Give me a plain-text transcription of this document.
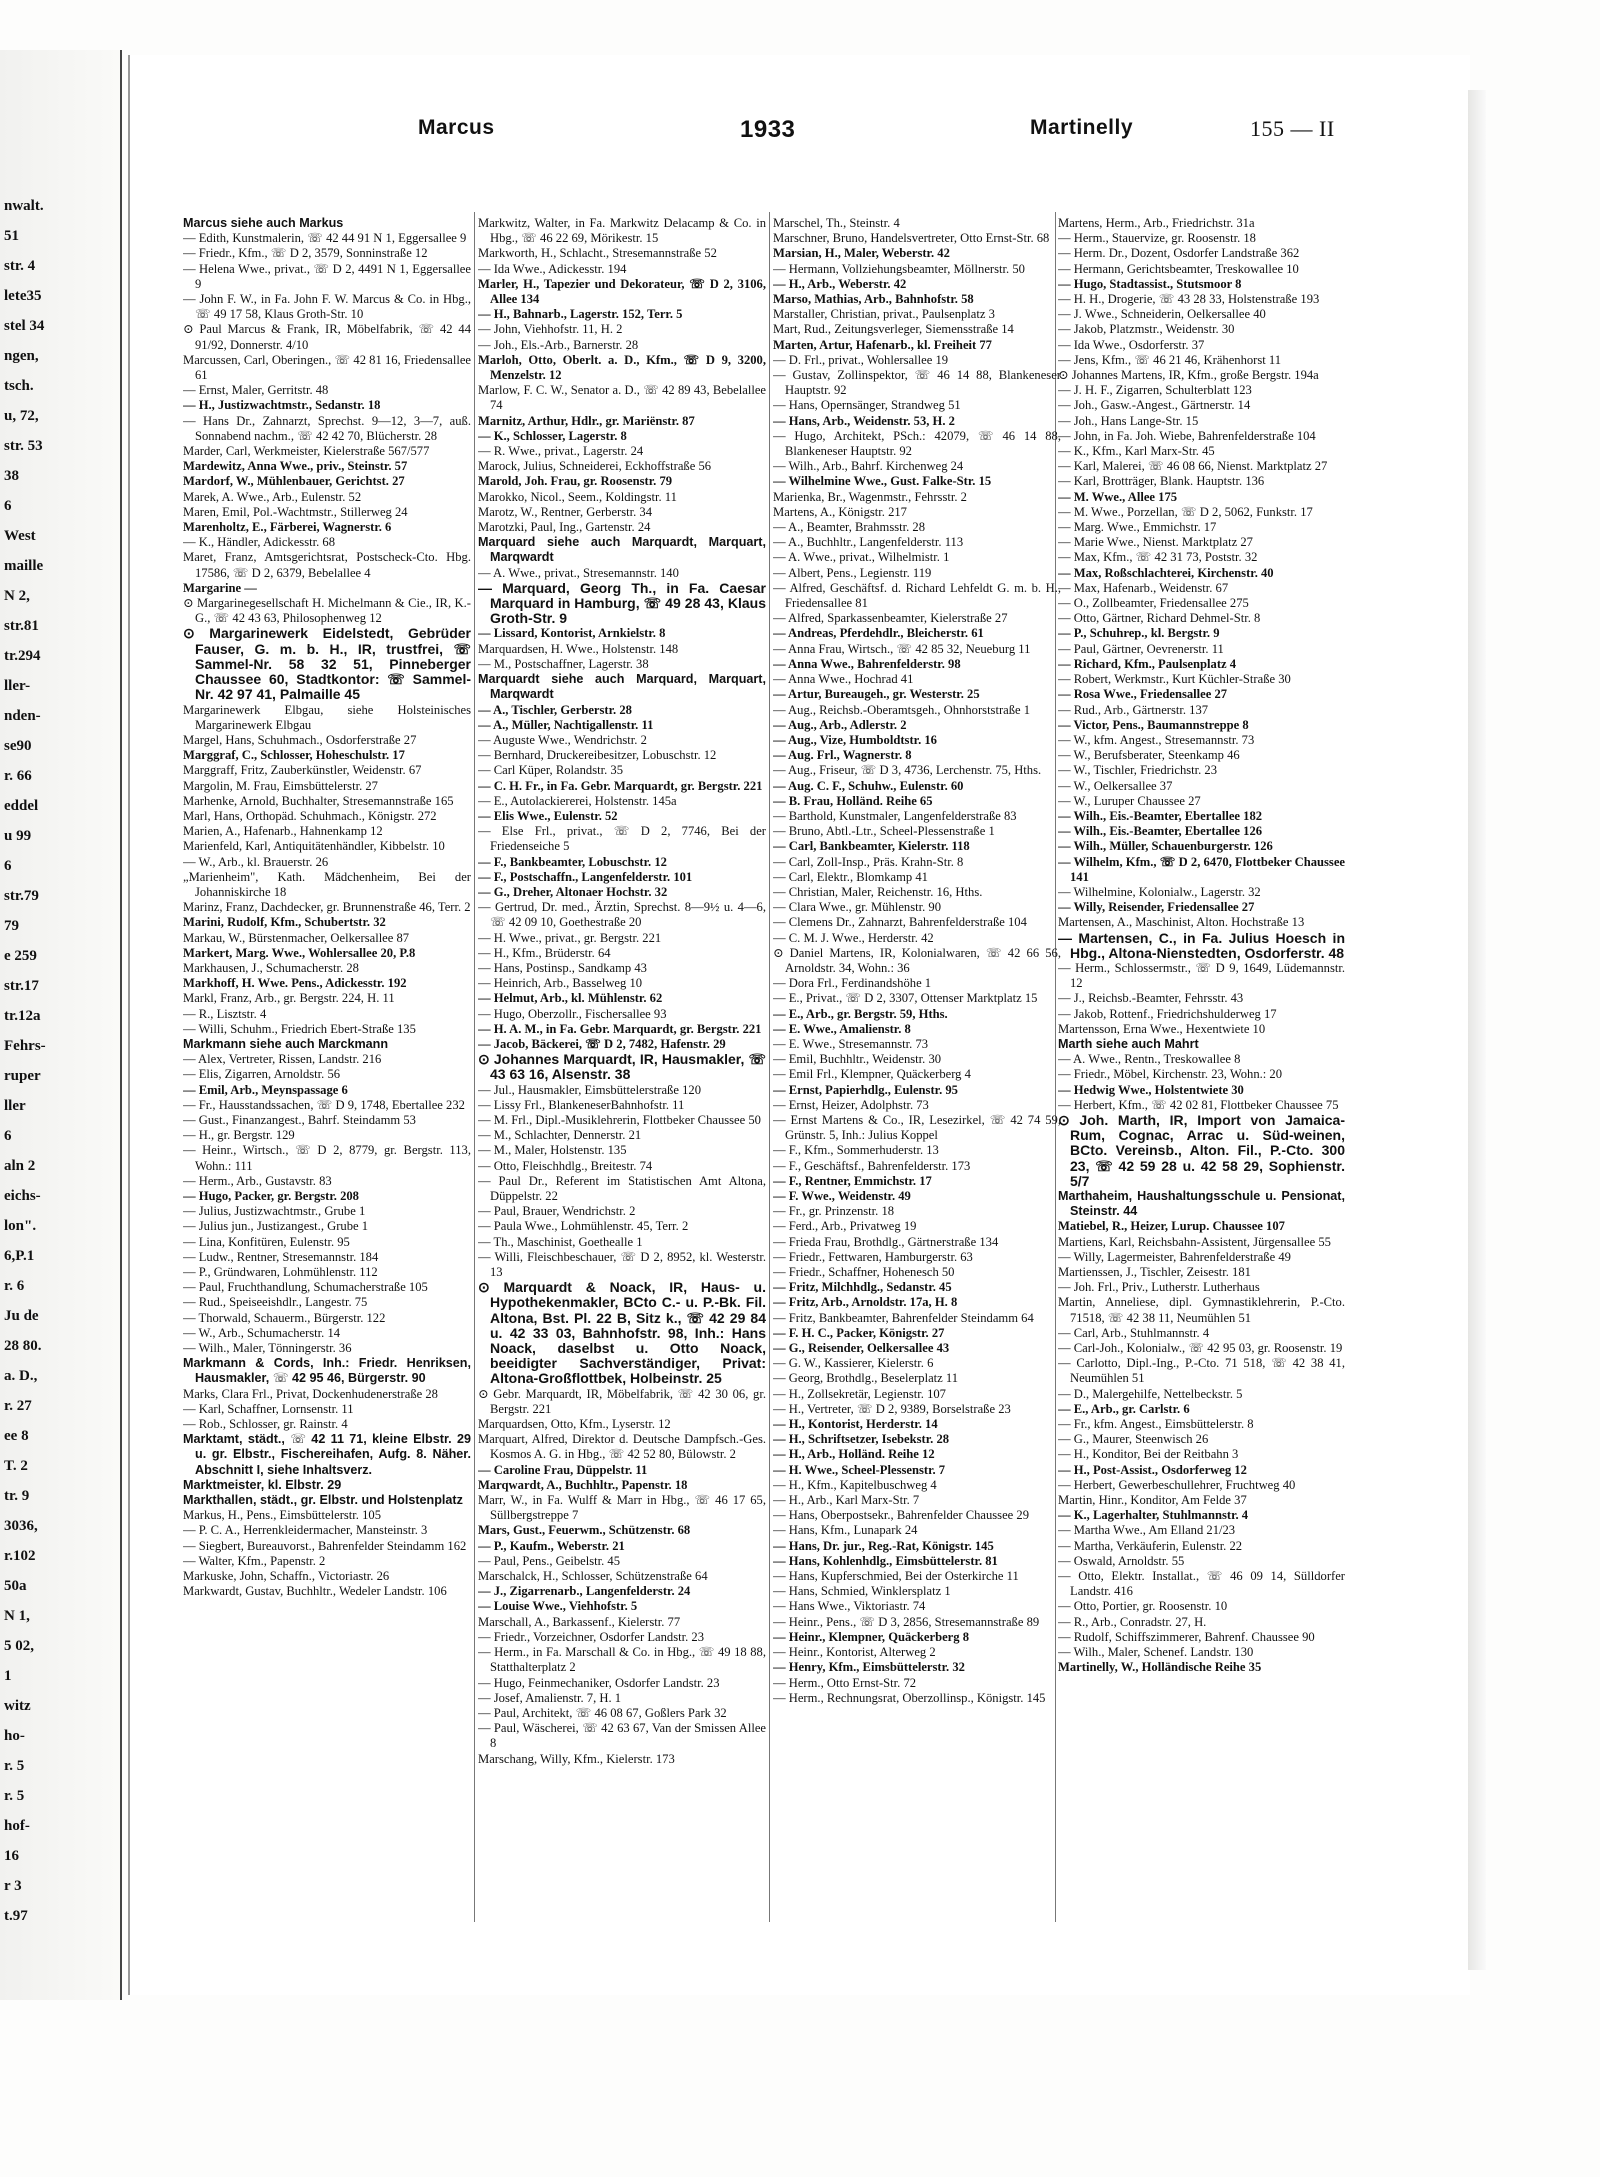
nwalt.
51
str. 4
lete35
stel 34
ngen,
tsch.
u, 72,
str. 53
38
6
West
maille
N 2,
str.81
tr.294
ller-
nden-
se90
r. 66
eddel
u 99
6
str.79
79
e 259
str.17
tr.12a
Fehrs-
ruper
ller
6
aln 2
eichs-
lon".
6,P.1
r. 6
Ju de
28 80.
a. D.,
r. 27
ee 8
T. 2
tr. 9
3036,
r.102
50a
N 1,
5 02,
1
witz
ho-
r. 5
r. 5
hof-
16
r 3
t.97
Marcus	1933	Martinelly	155 — II

Marcus siehe auch Markus

— Edith, Kunstmalerin, ☏ 42 44 91 N 1, Eggersallee 9

— Friedr., Kfm., ☏ D 2, 3579, Sonninstraße 12

— Helena Wwe., privat., ☏ D 2, 4491 N 1, Eggersallee 9

— John F. W., in Fa. John F. W. Marcus & Co. in Hbg., ☏ 49 17 58, Klaus Groth-Str. 10

⊙ Paul Marcus & Frank, IR, Möbelfabrik, ☏ 42 44 91/92, Donnerstr. 4/10

Marcussen, Carl, Oberingen., ☏ 42 81 16, Friedensallee 61

— Ernst, Maler, Gerritstr. 48

— H., Justizwachtmstr., Sedanstr. 18

— Hans Dr., Zahnarzt, Sprechst. 9—12, 3—7, auß. Sonnabend nachm., ☏ 42 42 70, Blücherstr. 28

Marder, Carl, Werkmeister, Kielerstraße 567/577

Mardewitz, Anna Wwe., priv., Steinstr. 57

Mardorf, W., Mühlenbauer, Gerichtst. 27

Marek, A. Wwe., Arb., Eulenstr. 52

Maren, Emil, Pol.-Wachtmstr., Stillerweg 24

Marenholtz, E., Färberei, Wagnerstr. 6

— K., Händler, Adickesstr. 68

Maret, Franz, Amtsgerichtsrat, Postscheck-Cto. Hbg. 17586, ☏ D 2, 6379, Bebelallee 4

Margarine —

⊙ Margarinegesellschaft H. Michelmann & Cie., IR, K.-G., ☏ 42 43 63, Philosophenweg 12

⊙ Margarinewerk Eidelstedt, Gebrüder Fauser, G. m. b. H., IR, trustfrei, ☏ Sammel-Nr. 58 32 51, Pinneberger Chaussee 60, Stadtkontor: ☏ Sammel-Nr. 42 97 41, Palmaille 45

Margarinewerk Elbgau, siehe Holsteinisches Margarinewerk Elbgau

Margel, Hans, Schuhmach., Osdorferstraße 27

Marggraf, C., Schlosser, Hoheschulstr. 17

Marggraff, Fritz, Zauberkünstler, Weidenstr. 67

Margolin, M. Frau, Eimsbüttelerstr. 27

Marhenke, Arnold, Buchhalter, Stresemannstraße 165

Marl, Hans, Orthopäd. Schuhmach., Königstr. 272

Marien, A., Hafenarb., Hahnenkamp 12

Marienfeld, Karl, Antiquitätenhändler, Kibbelstr. 10

— W., Arb., kl. Brauerstr. 26

„Marienheim", Kath. Mädchenheim, Bei der Johanniskirche 18

Marinz, Franz, Dachdecker, gr. Brunnenstraße 46, Terr. 2

Marini, Rudolf, Kfm., Schubertstr. 32

Markau, W., Bürstenmacher, Oelkersallee 87

Markert, Marg. Wwe., Wohlersallee 20, P.8

Markhausen, J., Schumacherstr. 28

Markhoff, H. Wwe. Pens., Adickesstr. 192

Markl, Franz, Arb., gr. Bergstr. 224, H. 11

— R., Lisztstr. 4

— Willi, Schuhm., Friedrich Ebert-Straße 135

Markmann siehe auch Marckmann

— Alex, Vertreter, Rissen, Landstr. 216

— Elis, Zigarren, Arnoldstr. 56

— Emil, Arb., Meynspassage 6

— Fr., Hausstandssachen, ☏ D 9, 1748, Ebertallee 232

— Gust., Finanzangest., Bahrf. Steindamm 53

— H., gr. Bergstr. 129

— Heinr., Wirtsch., ☏ D 2, 8779, gr. Bergstr. 113, Wohn.: 111

— Herm., Arb., Gustavstr. 83

— Hugo, Packer, gr. Bergstr. 208

— Julius, Justizwachtmstr., Grube 1

— Julius jun., Justizangest., Grube 1

— Lina, Konfitüren, Eulenstr. 95

— Ludw., Rentner, Stresemannstr. 184

— P., Gründwaren, Lohmühlenstr. 112

— Paul, Fruchthandlung, Schumacherstraße 105

— Rud., Speiseeishdlr., Langestr. 75

— Thorwald, Schauerm., Bürgerstr. 122

— W., Arb., Schumacherstr. 14

— Wilh., Maler, Tönningerstr. 36

Markmann & Cords, Inh.: Friedr. Henriksen, Hausmakler, ☏ 42 95 46, Bürgerstr. 90

Marks, Clara Frl., Privat, Dockenhudenerstraße 28

— Karl, Schaffner, Lornsenstr. 11

— Rob., Schlosser, gr. Rainstr. 4

Marktamt, städt., ☏ 42 11 71, kleine Elbstr. 29 u. gr. Elbstr., Fischereihafen, Aufg. 8. Näher. Abschnitt I, siehe Inhaltsverz.

Marktmeister, kl. Elbstr. 29

Markthallen, städt., gr. Elbstr. und Holstenplatz

Markus, H., Pens., Eimsbüttelerstr. 105

— P. C. A., Herrenkleidermacher, Mansteinstr. 3

— Siegbert, Bureauvorst., Bahrenfelder Steindamm 162

— Walter, Kfm., Papenstr. 2

Markuske, John, Schaffn., Victoriastr. 26

Markwardt, Gustav, Buchhltr., Wedeler Landstr. 106

Markwitz, Walter, in Fa. Markwitz Delacamp & Co. in Hbg., ☏ 46 22 69, Mörikestr. 15

Markworth, H., Schlacht., Stresemannstraße 52

— Ida Wwe., Adickesstr. 194

Marler, H., Tapezier und Dekorateur, ☏ D 2, 3106, Allee 134

— H., Bahnarb., Lagerstr. 152, Terr. 5

— John, Viehhofstr. 11, H. 2

— Joh., Els.-Arb., Barnerstr. 28

Marloh, Otto, Oberlt. a. D., Kfm., ☏ D 9, 3200, Menzelstr. 12

Marlow, F. C. W., Senator a. D., ☏ 42 89 43, Bebelallee 74

Marnitz, Arthur, Hdlr., gr. Mariënstr. 87

— K., Schlosser, Lagerstr. 8

— R. Wwe., privat., Lagerstr. 24

Marock, Julius, Schneiderei, Eckhoffstraße 56

Marold, Joh. Frau, gr. Roosenstr. 79

Marokko, Nicol., Seem., Koldingstr. 11

Marotz, W., Rentner, Gerberstr. 34

Marotzki, Paul, Ing., Gartenstr. 24

Marquard siehe auch Marquardt, Marquart, Marqwardt

— A. Wwe., privat., Stresemannstr. 140

— Marquard, Georg Th., in Fa. Caesar Marquard in Hamburg, ☏ 49 28 43, Klaus Groth-Str. 9

— Lissard, Kontorist, Arnkielstr. 8

Marquardsen, H. Wwe., Holstenstr. 148

— M., Postschaffner, Lagerstr. 38

Marquardt siehe auch Marquard, Marquart, Marqwardt

— A., Tischler, Gerberstr. 28

— A., Müller, Nachtigallenstr. 11

— Auguste Wwe., Wendrichstr. 2

— Bernhard, Druckereibesitzer, Lobuschstr. 12

— Carl Küper, Rolandstr. 35

— C. H. Fr., in Fa. Gebr. Marquardt, gr. Bergstr. 221

— E., Autolackiererei, Holstenstr. 145a

— Elis Wwe., Eulenstr. 52

— Else Frl., privat., ☏ D 2, 7746, Bei der Friedenseiche 5

— F., Bankbeamter, Lobuschstr. 12

— F., Postschaffn., Langenfelderstr. 101

— G., Dreher, Altonaer Hochstr. 32

— Gertrud, Dr. med., Ärztin, Sprechst. 8—9½ u. 4—6, ☏ 42 09 10, Goethestraße 20

— H. Wwe., privat., gr. Bergstr. 221

— H., Kfm., Brüderstr. 64

— Hans, Postinsp., Sandkamp 43

— Heinrich, Arb., Basselweg 10

— Helmut, Arb., kl. Mühlenstr. 62

— Hugo, Oberzollr., Fischersallee 93

— H. A. M., in Fa. Gebr. Marquardt, gr. Bergstr. 221

— Jacob, Bäckerei, ☏ D 2, 7482, Hafenstr. 29

⊙ Johannes Marquardt, IR, Hausmakler, ☏ 43 63 16, Alsenstr. 38

— Jul., Hausmakler, Eimsbüttelerstraße 120

— Lissy Frl., BlankeneserBahnhofstr. 11

— M. Frl., Dipl.-Musiklehrerin, Flottbeker Chaussee 50

— M., Schlachter, Dennerstr. 21

— M., Maler, Holstenstr. 135

— Otto, Fleischhdlg., Breitestr. 74

— Paul Dr., Referent im Statistischen Amt Altona, Düppelstr. 22

— Paul, Brauer, Wendrichstr. 2

— Paula Wwe., Lohmühlenstr. 45, Terr. 2

— Th., Maschinist, Goethealle 1

— Willi, Fleischbeschauer, ☏ D 2, 8952, kl. Westerstr. 13

⊙ Marquardt & Noack, IR, Haus- u. Hypothekenmakler, BCto C.- u. P.-Bk. Fil. Altona, Bst. Pl. 22 B, Sitz k., ☏ 42 29 84 u. 42 33 03, Bahnhofstr. 98, Inh.: Hans Noack, daselbst u. Otto Noack, beeidigter Sachverständiger, Privat: Altona-Großflottbek, Holbeinstr. 25

⊙ Gebr. Marquardt, IR, Möbelfabrik, ☏ 42 30 06, gr. Bergstr. 221

Marquardsen, Otto, Kfm., Lyserstr. 12

Marquart, Alfred, Direktor d. Deutsche Dampfsch.-Ges. Kosmos A. G. in Hbg., ☏ 42 52 80, Bülowstr. 2

— Caroline Frau, Düppelstr. 11

Marqwardt, A., Buchhltr., Papenstr. 18

Marr, W., in Fa. Wulff & Marr in Hbg., ☏ 46 17 65, Süllbergstreppe 7

Mars, Gust., Feuerwm., Schützenstr. 68

— P., Kaufm., Weberstr. 21

— Paul, Pens., Geibelstr. 45

Marschalck, H., Schlosser, Schützenstraße 64

— J., Zigarrenarb., Langenfelderstr. 24

— Louise Wwe., Viehhofstr. 5

Marschall, A., Barkassenf., Kielerstr. 77

— Friedr., Vorzeichner, Osdorfer Landstr. 23

— Herm., in Fa. Marschall & Co. in Hbg., ☏ 49 18 88, Statthalterplatz 2

— Hugo, Feinmechaniker, Osdorfer Landstr. 23

— Josef, Amalienstr. 7, H. 1

— Paul, Architekt, ☏ 46 08 67, Goßlers Park 32

— Paul, Wäscherei, ☏ 42 63 67, Van der Smissen Allee 8

Marschang, Willy, Kfm., Kielerstr. 173

Marschel, Th., Steinstr. 4

Marschner, Bruno, Handelsvertreter, Otto Ernst-Str. 68

Marsian, H., Maler, Weberstr. 42

— Hermann, Vollziehungsbeamter, Möllnerstr. 50

— H., Arb., Weberstr. 42

Marso, Mathias, Arb., Bahnhofstr. 58

Marstaller, Christian, privat., Paulsenplatz 3

Mart, Rud., Zeitungsverleger, Siemensstraße 14

Marten, Artur, Hafenarb., kl. Freiheit 77

— D. Frl., privat., Wohlersallee 19

— Gustav, Zollinspektor, ☏ 46 14 88, Blankeneser Hauptstr. 92

— Hans, Opernsänger, Strandweg 51

— Hans, Arb., Weidenstr. 53, H. 2

— Hugo, Architekt, PSch.: 42079, ☏ 46 14 88, Blankeneser Hauptstr. 92

— Wilh., Arb., Bahrf. Kirchenweg 24

— Wilhelmine Wwe., Gust. Falke-Str. 15

Marienka, Br., Wagenmstr., Fehrsstr. 2

Martens, A., Königstr. 217

— A., Beamter, Brahmsstr. 28

— A., Buchhltr., Langenfelderstr. 113

— A. Wwe., privat., Wilhelmistr. 1

— Albert, Pens., Legienstr. 119

— Alfred, Geschäftsf. d. Richard Lehfeldt G. m. b. H., Friedensallee 81

— Alfred, Sparkassenbeamter, Kielerstraße 27

— Andreas, Pferdehdlr., Bleicherstr. 61

— Anna Frau, Wirtsch., ☏ 42 85 32, Neueburg 11

— Anna Wwe., Bahrenfelderstr. 98

— Anna Wwe., Hochrad 41

— Artur, Bureaugeh., gr. Westerstr. 25

— Aug., Reichsb.-Oberamtsgeh., Ohnhorststraße 1

— Aug., Arb., Adlerstr. 2

— Aug., Vize, Humboldtstr. 16

— Aug. Frl., Wagnerstr. 8

— Aug., Friseur, ☏ D 3, 4736, Lerchenstr. 75, Hths.

— Aug. C. F., Schuhw., Eulenstr. 60

— B. Frau, Holländ. Reihe 65

— Barthold, Kunstmaler, Langenfelderstraße 83

— Bruno, Abtl.-Ltr., Scheel-Plessenstraße 1

— Carl, Bankbeamter, Kielerstr. 118

— Carl, Zoll-Insp., Präs. Krahn-Str. 8

— Carl, Elektr., Blomkamp 41

— Christian, Maler, Reichenstr. 16, Hths.

— Clara Wwe., gr. Mühlenstr. 90

— Clemens Dr., Zahnarzt, Bahrenfelderstraße 104

— C. M. J. Wwe., Herderstr. 42

⊙ Daniel Martens, IR, Kolonialwaren, ☏ 42 66 56, Arnoldstr. 34, Wohn.: 36

— Dora Frl., Ferdinandshöhe 1

— E., Privat., ☏ D 2, 3307, Ottenser Marktplatz 15

— E., Arb., gr. Bergstr. 59, Hths.

— E. Wwe., Amalienstr. 8

— E. Wwe., Stresemannstr. 73

— Emil, Buchhltr., Weidenstr. 30

— Emil Frl., Klempner, Quäckerberg 4

— Ernst, Papierhdlg., Eulenstr. 95

— Ernst, Heizer, Adolphstr. 73

— Ernst Martens & Co., IR, Lesezirkel, ☏ 42 74 59, Grünstr. 5, Inh.: Julius Koppel

— F., Kfm., Sommerhuderstr. 13

— F., Geschäftsf., Bahrenfelderstr. 173

— F., Rentner, Emmichstr. 17

— F. Wwe., Weidenstr. 49

— Fr., gr. Prinzenstr. 18

— Ferd., Arb., Privatweg 19

— Frieda Frau, Brothdlg., Gärtnerstraße 134

— Friedr., Fettwaren, Hamburgerstr. 63

— Friedr., Schaffner, Hohenesch 50

— Fritz, Milchhdlg., Sedanstr. 45

— Fritz, Arb., Arnoldstr. 17a, H. 8

— Fritz, Bankbeamter, Bahrenfelder Steindamm 64

— F. H. C., Packer, Königstr. 27

— G., Reisender, Oelkersallee 43

— G. W., Kassierer, Kielerstr. 6

— Georg, Brothdlg., Beselerplatz 11

— H., Zollsekretär, Legienstr. 107

— H., Vertreter, ☏ D 2, 9389, Borselstraße 23

— H., Kontorist, Herderstr. 14

— H., Schriftsetzer, Isebekstr. 28

— H., Arb., Holländ. Reihe 12

— H. Wwe., Scheel-Plessenstr. 7

— H., Kfm., Kapitelbuschweg 4

— H., Arb., Karl Marx-Str. 7

— Hans, Oberpostsekr., Bahrenfelder Chaussee 29

— Hans, Kfm., Lunapark 24

— Hans, Dr. jur., Reg.-Rat, Königstr. 145

— Hans, Kohlenhdlg., Eimsbüttelerstr. 81

— Hans, Kupferschmied, Bei der Osterkirche 11

— Hans, Schmied, Winklersplatz 1

— Hans Wwe., Viktoriastr. 74

— Heinr., Pens., ☏ D 3, 2856, Stresemannstraße 89

— Heinr., Klempner, Quäckerberg 8

— Heinr., Kontorist, Alterweg 2

— Henry, Kfm., Eimsbüttelerstr. 32

— Herm., Otto Ernst-Str. 72

— Herm., Rechnungsrat, Oberzollinsp., Königstr. 145

Martens, Herm., Arb., Friedrichstr. 31a

— Herm., Stauervize, gr. Roosenstr. 18

— Herm. Dr., Dozent, Osdorfer Landstraße 362

— Hermann, Gerichtsbeamter, Treskowallee 10

— Hugo, Stadtassist., Stutsmoor 8

— H. H., Drogerie, ☏ 43 28 33, Holstenstraße 193

— J. Wwe., Schneiderin, Oelkersallee 40

— Jakob, Platzmstr., Weidenstr. 30

— Ida Wwe., Osdorferstr. 37

— Jens, Kfm., ☏ 46 21 46, Krähenhorst 11

⊙ Johannes Martens, IR, Kfm., große Bergstr. 194a

— J. H. F., Zigarren, Schulterblatt 123

— Joh., Gasw.-Angest., Gärtnerstr. 14

— Joh., Hans Lange-Str. 15

— John, in Fa. Joh. Wiebe, Bahrenfelderstraße 104

— K., Kfm., Karl Marx-Str. 45

— Karl, Malerei, ☏ 46 08 66, Nienst. Marktplatz 27

— Karl, Brotträger, Blank. Hauptstr. 136

— M. Wwe., Allee 175

— M. Wwe., Porzellan, ☏ D 2, 5062, Funkstr. 17

— Marg. Wwe., Emmichstr. 17

— Marie Wwe., Nienst. Marktplatz 27

— Max, Kfm., ☏ 42 31 73, Poststr. 32

— Max, Roßschlachterei, Kirchenstr. 40

— Max, Hafenarb., Weidenstr. 67

— O., Zollbeamter, Friedensallee 275

— Otto, Gärtner, Richard Dehmel-Str. 8

— P., Schuhrep., kl. Bergstr. 9

— Paul, Gärtner, Oevrenerstr. 11

— Richard, Kfm., Paulsenplatz 4

— Robert, Werkmstr., Kurt Küchler-Straße 30

— Rosa Wwe., Friedensallee 27

— Rud., Arb., Gärtnerstr. 137

— Victor, Pens., Baumannstreppe 8

— W., kfm. Angest., Stresemannstr. 73

— W., Berufsberater, Steenkamp 46

— W., Tischler, Friedrichstr. 23

— W., Oelkersallee 37

— W., Luruper Chaussee 27

— Wilh., Eis.-Beamter, Ebertallee 182

— Wilh., Eis.-Beamter, Ebertallee 126

— Wilh., Müller, Schauenburgerstr. 126

— Wilhelm, Kfm., ☏ D 2, 6470, Flottbeker Chaussee 141

— Wilhelmine, Kolonialw., Lagerstr. 32

— Willy, Reisender, Friedensallee 27

Martensen, A., Maschinist, Alton. Hochstraße 13

— Martensen, C., in Fa. Julius Hoesch in Hbg., Altona-Nienstedten, Osdorferstr. 48

— Herm., Schlossermstr., ☏ D 9, 1649, Lüdemannstr. 12

— J., Reichsb.-Beamter, Fehrsstr. 43

— Jakob, Rottenf., Friedrichshulderweg 17

Martensson, Erna Wwe., Hexentwiete 10

Marth siehe auch Mahrt

— A. Wwe., Rentn., Treskowallee 8

— Friedr., Möbel, Kirchenstr. 23, Wohn.: 20

— Hedwig Wwe., Holstentwiete 30

— Herbert, Kfm., ☏ 42 02 81, Flottbeker Chaussee 75

⊙ Joh. Marth, IR, Import von Jamaica-Rum, Cognac, Arrac u. Süd-weinen, BCto. Vereinsb., Alton. Fil., P.-Cto. 300 23, ☏ 42 59 28 u. 42 58 29, Sophienstr. 5/7

Marthaheim, Haushaltungsschule u. Pensionat, Steinstr. 44

Matiebel, R., Heizer, Lurup. Chaussee 107

Martiens, Karl, Reichsbahn-Assistent, Jürgensallee 55

— Willy, Lagermeister, Bahrenfelderstraße 49

Martienssen, J., Tischler, Zeisestr. 181

— Joh. Frl., Priv., Lutherstr. Lutherhaus

Martin, Anneliese, dipl. Gymnastiklehrerin, P.-Cto. 71518, ☏ 42 38 11, Neumühlen 51

— Carl, Arb., Stuhlmannstr. 4

— Carl-Joh., Kolonialw., ☏ 42 95 03, gr. Roosenstr. 19

— Carlotto, Dipl.-Ing., P.-Cto. 71 518, ☏ 42 38 41, Neumühlen 51

— D., Malergehilfe, Nettelbeckstr. 5

— E., Arb., gr. Carlstr. 6

— Fr., kfm. Angest., Eimsbüttelerstr. 8

— G., Maurer, Steenwisch 26

— H., Konditor, Bei der Reitbahn 3

— H., Post-Assist., Osdorferweg 12

— Herbert, Gewerbeschullehrer, Fruchtweg 40

Martin, Hinr., Konditor, Am Felde 37

— K., Lagerhalter, Stuhlmannstr. 4

— Martha Wwe., Am Elland 21/23

— Martha, Verkäuferin, Eulenstr. 22

— Oswald, Arnoldstr. 55

— Otto, Elektr. Installat., ☏ 46 09 14, Sülldorfer Landstr. 416

— Otto, Portier, gr. Roosenstr. 10

— R., Arb., Conradstr. 27, H.

— Rudolf, Schiffszimmerer, Bahrenf. Chaussee 90

— Wilh., Maler, Schenef. Landstr. 130

Martinelly, W., Holländische Reihe 35
